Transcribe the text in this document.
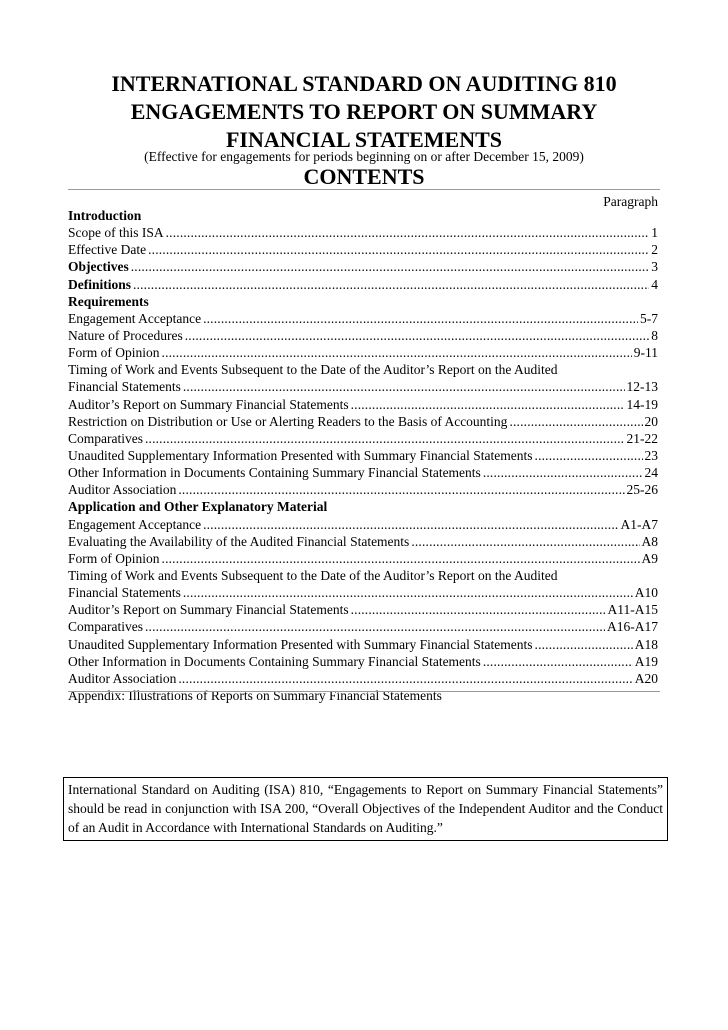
INTERNATIONAL STANDARD ON AUDITING 810
ENGAGEMENTS TO REPORT ON SUMMARY
FINANCIAL STATEMENTS
(Effective for engagements for periods beginning on or after December 15, 2009)
CONTENTS
Paragraph
Introduction
Scope of this ISA . . .	1
Effective Date . . .	2
Objectives . . .	3
Definitions . . .	4
Requirements
Engagement Acceptance . . .	5-7
Nature of Procedures . . .	8
Form of Opinion . . .	9-11
Timing of Work and Events Subsequent to the Date of the Auditor’s Report on the Audited
Financial Statements . . .	12-13
Auditor’s Report on Summary Financial Statements . . .	14-19
Restriction on Distribution or Use or Alerting Readers to the Basis of Accounting . . .	20
Comparatives . . .	21-22
Unaudited Supplementary Information Presented with Summary Financial Statements . . .	23
Other Information in Documents Containing Summary Financial Statements . . .	24
Auditor Association . . .	25-26
Application and Other Explanatory Material
Engagement Acceptance . . .	A1-A7
Evaluating the Availability of the Audited Financial Statements . . .	A8
Form of Opinion . . .	A9
Timing of Work and Events Subsequent to the Date of the Auditor’s Report on the Audited
Financial Statements . . .	A10
Auditor’s Report on Summary Financial Statements . . .	A11-A15
Comparatives . . .	A16-A17
Unaudited Supplementary Information Presented with Summary Financial Statements . . .	A18
Other Information in Documents Containing Summary Financial Statements . . .	A19
Auditor Association . . .	A20
Appendix: Illustrations of Reports on Summary Financial Statements
International Standard on Auditing (ISA) 810, “Engagements to Report on Summary Financial Statements” should be read in conjunction with ISA 200, “Overall Objectives of the Independent Auditor and the Conduct of an Audit in Accordance with International Standards on Auditing.”
